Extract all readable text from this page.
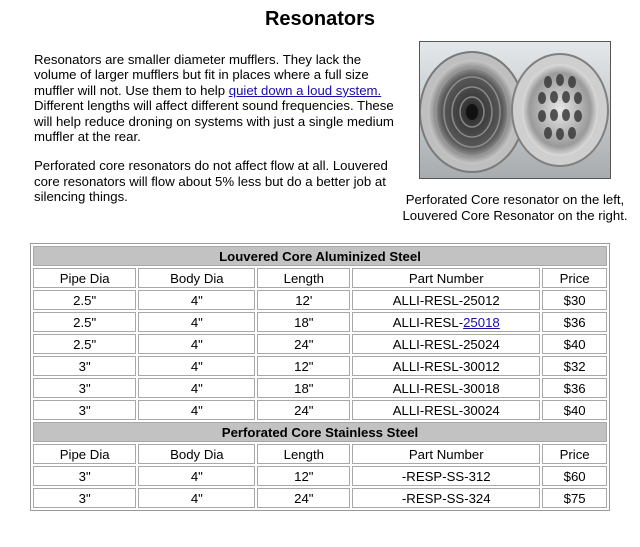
Resonators

Resonators are smaller diameter mufflers. They lack the volume of larger mufflers but fit in places where a full size muffler will not. Use them to help quiet down a loud system. Different lengths will affect different sound frequencies. These will help reduce droning on systems with just a single medium muffler at the rear.

Perforated core resonators do not affect flow at all. Louvered core resonators will flow about 5% less but do a better job at silencing things.	Perforated Core resonator on the left, Louvered Core Resonator on the right.
Louvered Core Aluminized Steel				
Pipe Dia	Body Dia	Length	Part Number	Price
2.5"	4"	12'	ALLI-RESL-25012	$30
2.5"	4"	18"	ALLI-RESL-25018	$36
2.5"	4"	24"	ALLI-RESL-25024	$40
3"	4"	12"	ALLI-RESL-30012	$32
3"	4"	18"	ALLI-RESL-30018	$36
3"	4"	24"	ALLI-RESL-30024	$40
Perforated Core Stainless Steel				
Pipe Dia	Body Dia	Length	Part Number	Price
3"	4"	12"	-RESP-SS-312	$60
3"	4"	24"	-RESP-SS-324	$75
